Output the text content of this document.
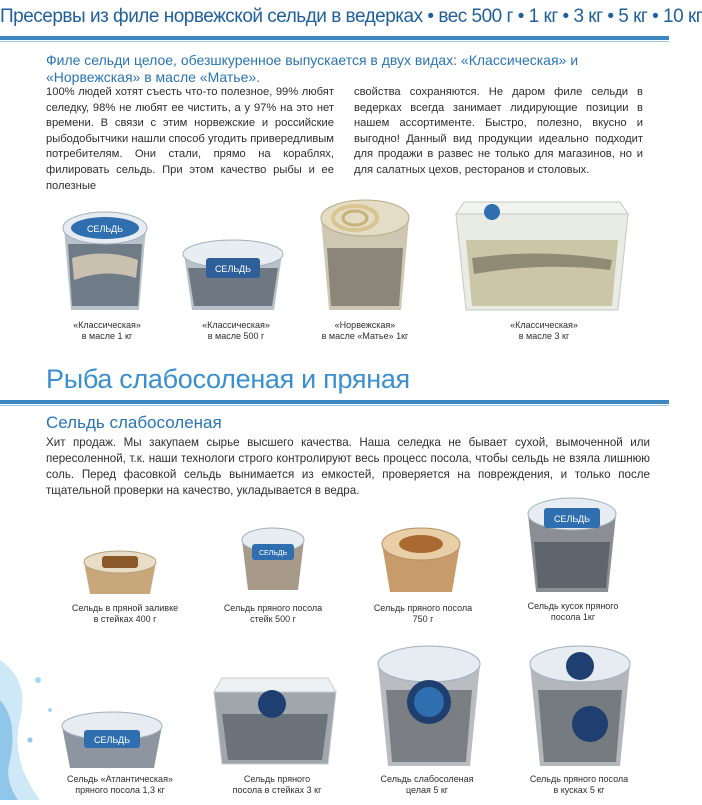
Пресервы из филе норвежской сельди в ведерках • вес 500 г • 1 кг • 3 кг • 5 кг • 10 кг
Филе сельди целое, обезшкуренное выпускается в двух видах: «Классическая» и «Норвежская» в масле «Матье».
100% людей хотят съесть что-то полезное, 99% любят селедку, 98% не любят ее чистить, а у 97% на это нет времени. В связи с этим норвежские и российские рыбодобытчики нашли способ угодить привередливым потребителям. Они стали, прямо на кораблях, филировать сельдь. При этом качество рыбы и ее полезные
свойства сохраняются. Не даром филе сельди в ведерках всегда занимает лидирующие позиции в нашем ассортименте. Быстро, полезно, вкусно и выгодно! Данный вид продукции идеально подходит для продажи в развес не только для магазинов, но и для салатных цехов, ресторанов и столовых.
СЕЛЬДЬ
СЕЛЬДЬ
«Классическая»
в масле 1 кг
«Классическая»
в масле 500 г
«Норвежская»
в масле «Матье» 1кг
«Классическая»
в масле 3 кг
Рыба слабосоленая и пряная
Сельдь слабосоленая
Хит продаж. Мы закупаем сырье высшего качества. Наша селедка не бывает сухой, вымоченной или пересоленной, т.к. наши технологи строго контролируют весь процесс посола, чтобы сельдь не взяла лишнюю соль. Перед фасовкой сельдь вынимается из емкостей, проверяется на повреждения, и только после тщательной проверки на качество, укладывается в ведра.
СЕЛЬДЬ
СЕЛЬДЬ
Сельдь в пряной заливке
в стейках 400 г
Сельдь пряного посола
стейк 500 г
Сельдь пряного посола
750 г
Сельдь кусок пряного
посола 1кг
СЕЛЬДЬ
Сельдь «Атлантическая»
пряного посола 1,3 кг
Сельдь пряного
посола в стейках 3 кг
Сельдь слабосоленая
целая 5 кг
Сельдь пряного посола
в кусках 5 кг
